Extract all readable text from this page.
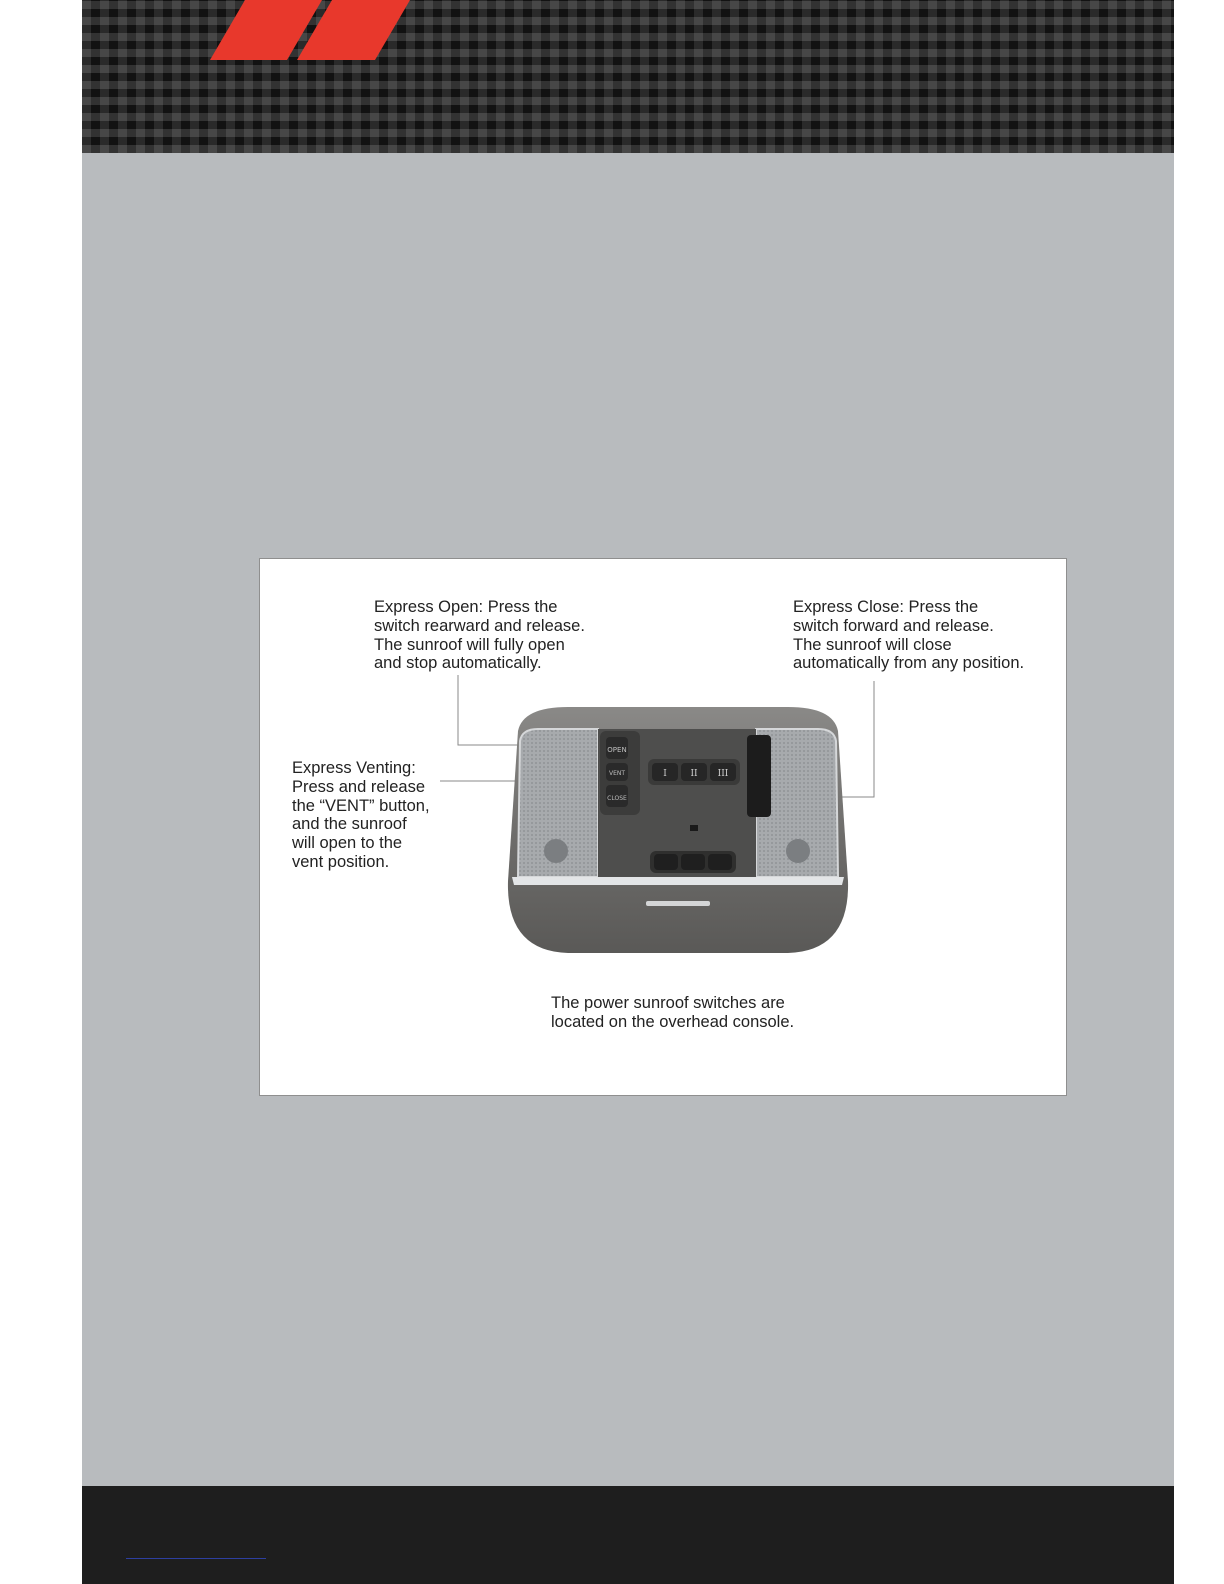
OPEN
VENT
CLOSE
I	II III

Express Open: Press the
switch rearward and release.
The sunroof will fully open
and stop automatically.

Express Close: Press the
switch forward and release.
The sunroof will close
automatically from any position.

Express Venting:
Press and release
the “VENT” button,
and the sunroof
will open to the
vent position.

The power sunroof switches are
located on the overhead console.
